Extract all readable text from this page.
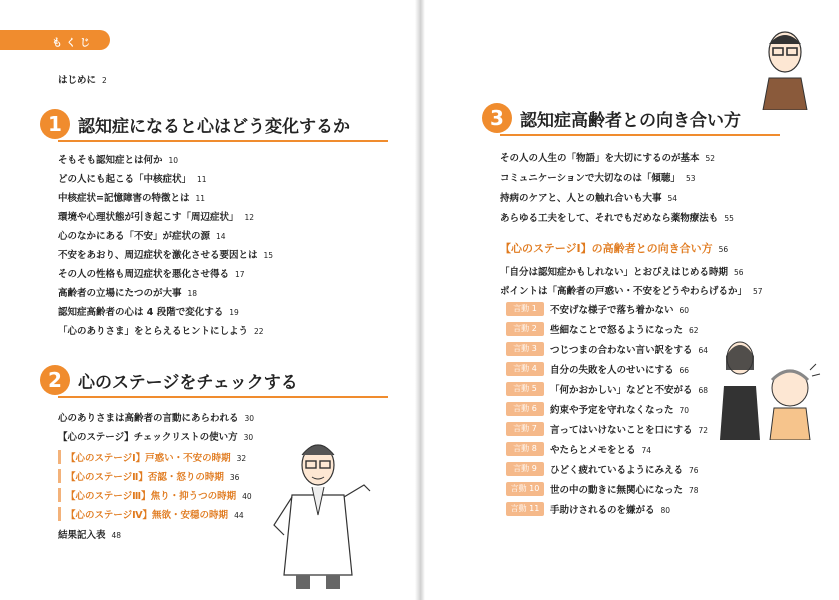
もくじ
はじめに 2
1 認知症になると心はどう変化するか
そもそも認知症とは何か 10
どの人にも起こる「中核症状」 11
中核症状=記憶障害の特徴とは 11
環境や心理状態が引き起こす「周辺症状」 12
心のなかにある「不安」が症状の源 14
不安をあおり、周辺症状を激化させる要因とは 15
その人の性格も周辺症状を悪化させ得る 17
高齢者の立場にたつのが大事 18
認知症高齢者の心は 4 段階で変化する 19
「心のありさま」をとらえるヒントにしよう 22
2 心のステージをチェックする
心のありさまは高齢者の言動にあらわれる 30
【心のステージ】チェックリストの使い方 30
【心のステージⅠ】戸惑い・不安の時期 32
【心のステージⅡ】否認・怒りの時期 36
【心のステージⅢ】焦り・抑うつの時期 40
【心のステージⅣ】無欲・安穏の時期 44
結果記入表 48
3 認知症高齢者との向き合い方
その人の人生の「物語」を大切にするのが基本 52
コミュニケーションで大切なのは「傾聴」 53
持病のケアと、人との触れ合いも大事 54
あらゆる工夫をして、それでもだめなら薬物療法も 55
【心のステージⅠ】の高齢者との向き合い方 56
「自分は認知症かもしれない」とおびえはじめる時期 56
ポイントは「高齢者の戸惑い・不安をどうやわらげるか」 57
言動 1	不安げな様子で落ち着かない 60
言動 2	些細なことで怒るようになった 62
言動 3	つじつまの合わない言い訳をする 64
言動 4	自分の失敗を人のせいにする 66
言動 5	「何かおかしい」などと不安がる 68
言動 6	約束や予定を守れなくなった 70
言動 7	言ってはいけないことを口にする 72
言動 8	やたらとメモをとる 74
言動 9	ひどく疲れているようにみえる 76
言動 10	世の中の動きに無関心になった 78
言動 11	手助けされるのを嫌がる 80
